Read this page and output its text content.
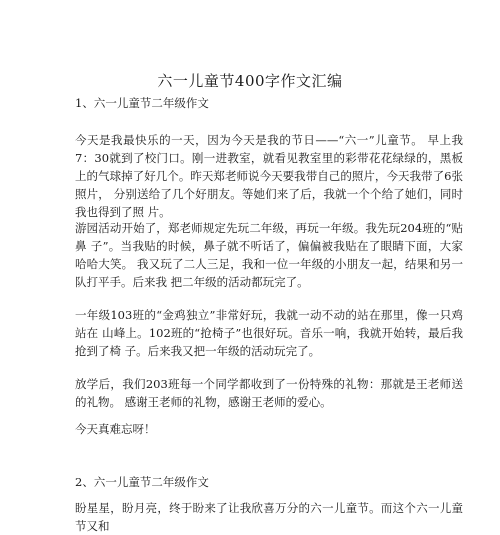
六一儿童节400字作文汇编
1、六一儿童节二年级作文
今天是我最快乐的一天，因为今天是我的节日——“六一”儿童节。 早上我7：30就到了校门口。刚一进教室，就看见教室里的彩带花花绿绿的，黑板 上的气球掉了好几个。昨天郑老师说今天要我带自己的照片，今天我带了6张照片， 分别送给了几个好朋友。等她们来了后，我就一个个给了她们，同时我也得到了照 片。
游园活动开始了，郑老师规定先玩二年级，再玩一年级。我先玩204班的“贴鼻 子”。当我贴的时候，鼻子就不听话了，偏偏被我贴在了眼睛下面，大家哈哈大笑。 我又玩了二人三足，我和一位一年级的小朋友一起，结果和另一队打平手。后来我 把二年级的活动都玩完了。
一年级103班的“金鸡独立”非常好玩，我就一动不动的站在那里，像一只鸡站在 山峰上。102班的“抢椅子”也很好玩。音乐一响，我就开始转，最后我抢到了椅 子。后来我又把一年级的活动玩完了。
放学后，我们203班每一个同学都收到了一份特殊的礼物：那就是王老师送的礼物。 感谢王老师的礼物，感谢王老师的爱心。
今天真难忘呀！
2、六一儿童节二年级作文
盼星星，盼月亮，终于盼来了让我欣喜万分的六一儿童节。而这个六一儿童节又和
